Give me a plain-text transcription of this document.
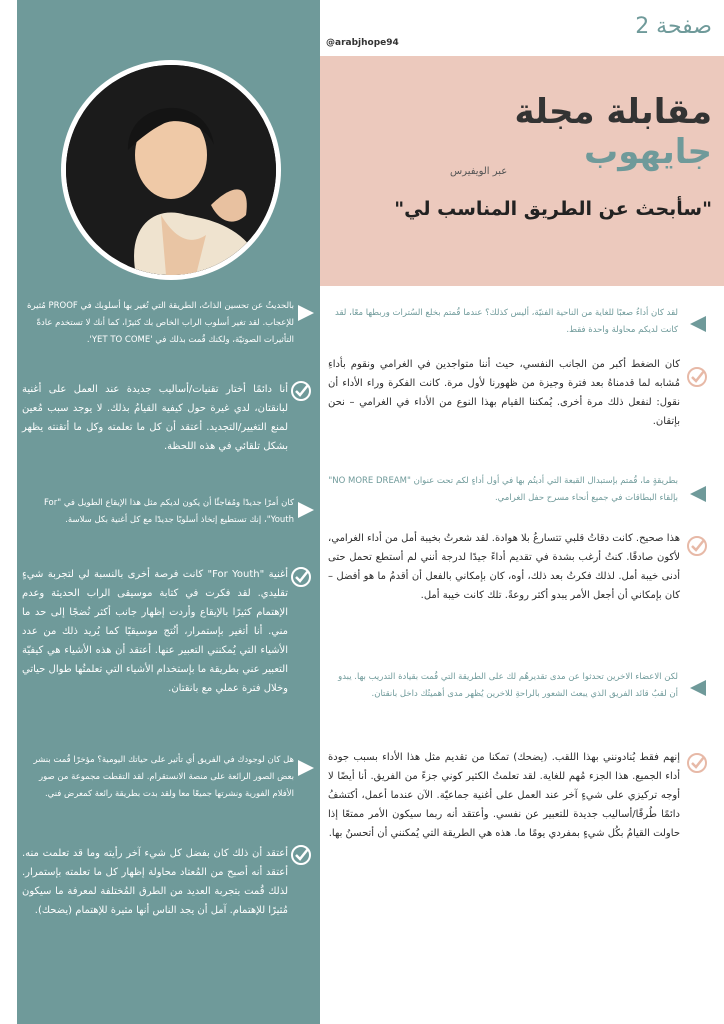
صفحة 2
@arabjhope94
مقابلة مجلة
جايهوب
عبر الويفيرس
"سأبحث عن الطريق المناسب لي"
لقد كان أداءُ صعبًا للغاية من الناحية الفنيّة، أليس كذلك؟ عندما قُمتم بخلع السُترات وربطها معًا، لقد كانت لديكم محاولة واحدة فقط.
كان الضغط أكبر من الجانب النفسي، حيث أننا متواجدين في الغرامي ونقوم بأداءِ مُشابه لما قدمناهُ بعد فترة وجيزة من ظهورنا لأول مرة. كانت الفكرة وراء الأداء أن نقول: لنفعل ذلك مرة أخرى. يُمكننا القيام بهذا النوع من الأداء في الغرامي – نحن بإتقان.
بطريقةٍ ما، قُمتم بإستبدال القبعة التي أديتُم بها في أول أداءٍ لكم تحت عنوان "NO MORE DREAM" بإلقاء البطاقات في جميع أنحاء مسرح حفل الغرامي.
هذا صحيح. كانت دقاتُ قلبي تتسارعُ بلا هوادة. لقد شعرتُ بخيبة أمل من أداء الغرامي، لأكون صادقًا. كنتُ أرغب بشدة في تقديم أداءً جيدًا لدرجة أنني لم أستطع تحمل حتى أدنى خيبة أمل. لذلك فكرتُ بعد ذلك، أوه، كان بإمكاني بالفعل أن أقدمُ ما هو أفضل – كان بإمكاني أن أجعل الأمر يبدو أكثر روعةً. تلك كانت خيبة أمل.
لكن الاعضاء الاخرين تحدثوا عن مدى تقديرهُم لك على الطريقة التي قُمت بقيادة التدريب بها. يبدو أن لقبُ قائد الفريق الذي يبعث الشعور بالراحةِ للاخرين يُظهر مدى أهميتُك داخل بانقتان.
إنهم فقط يُنادونني بهذا اللقب. (يضحك) تمكنا من تقديم مثل هذا الأداء بسبب جودة أداء الجميع. هذا الجزء مُهم للغاية. لقد تعلمتُ الكثير كوني جزءً من الفريق. أنا أيضًا لا أوجه تركيزي على شيءٍ آخر عند العمل على أغنية جماعيّة. الآن عندما أعمل، أكتشفُ دائمًا طُرقًا/أساليب جديدة للتعبير عن نفسي. وأعتقد أنه ربما سيكون الأمر ممتعًا إذا حاولت القيامُ بكُل شيءٍ بمفردي يومًا ما. هذه هي الطريقة التي يُمكنني أن أتحسنُ بها.
بالحديثُ عن تحسين الذاتُ، الطريقة التي تُغير بها أسلوبك في PROOF مُثيرة للإعجاب. لقد تغير أسلوب الراب الخاص بك كثيرًا، كما أنك لا تستخدم عادةً التأثيرات الصوتيّة، ولكنك قُمت بذلك في 'YET TO COME'.
أنا دائمًا أختار تقنيات/أساليب جديدة عند العمل على أغنية لبانقتان، لدي غيرة حول كيفية القيامُ بذلك. لا يوجد سبب مُعين لمنع التغيير/التجديد. أعتقد أن كل ما تعلمته وكل ما أتقنته يظهر بشكل تلقائي في هذه اللحظة.
كان أمرًا جديدًا ومُفاجئًا أن يكون لديكم مثل هذا الإيقاع الطويل في "For Youth"، إنك تستطيع إتخاذ أسلوبًا جديدًا مع كل أغنية بكل سلاسة.
أغنية "For Youth" كانت فرصة أخرى بالنسبة لي لتجربة شيءٍ تقليدي. لقد فكرت في كتابة موسيقى الراب الحديثة وعدم الإهتمام كثيرًا بالإيقاع وأردت إظهار جانب أكثر نُضجًا إلى حد ما مني. أنا أتغير بإستمرار، أنُتج موسيقيًا كما يُريد ذلك من عدد الأشياء التي يُمكنني التعبير عنها. أعتقد أن هذه الأشياء هي كيفيّة التعبير عني بطريقة ما بإستخدام الأشياء التي تعلمتُها طوال حياتي وخلال فترة عملي مع بانقتان.
هل كان لوجودك في الفريق أي تأثير على حياتك اليومية؟ مؤخرًا قُمت بنشر بعض الصور الرائعة على منصة الانستقرام. لقد التقطت مجموعة من صور الأفلام الفورية ونشرتها جميعًا معا ولقد بدت بطريقة رائعة كمعرض فني.
أعتقد أن ذلك كان بفضل كل شيء آخر رأيته وما قد تعلمت منه. أعتقد أنه أصبح من المُعتاد محاولة إظهار كل ما تعلمته بإستمرار. لذلك قُمت بتجربة العديد من الطرق المُختلفة لمعرفة ما سيكون مُثيرًا للإهتمام. آمل أن يجد الناس أنها مثيرة للإهتمام (يضحك).
